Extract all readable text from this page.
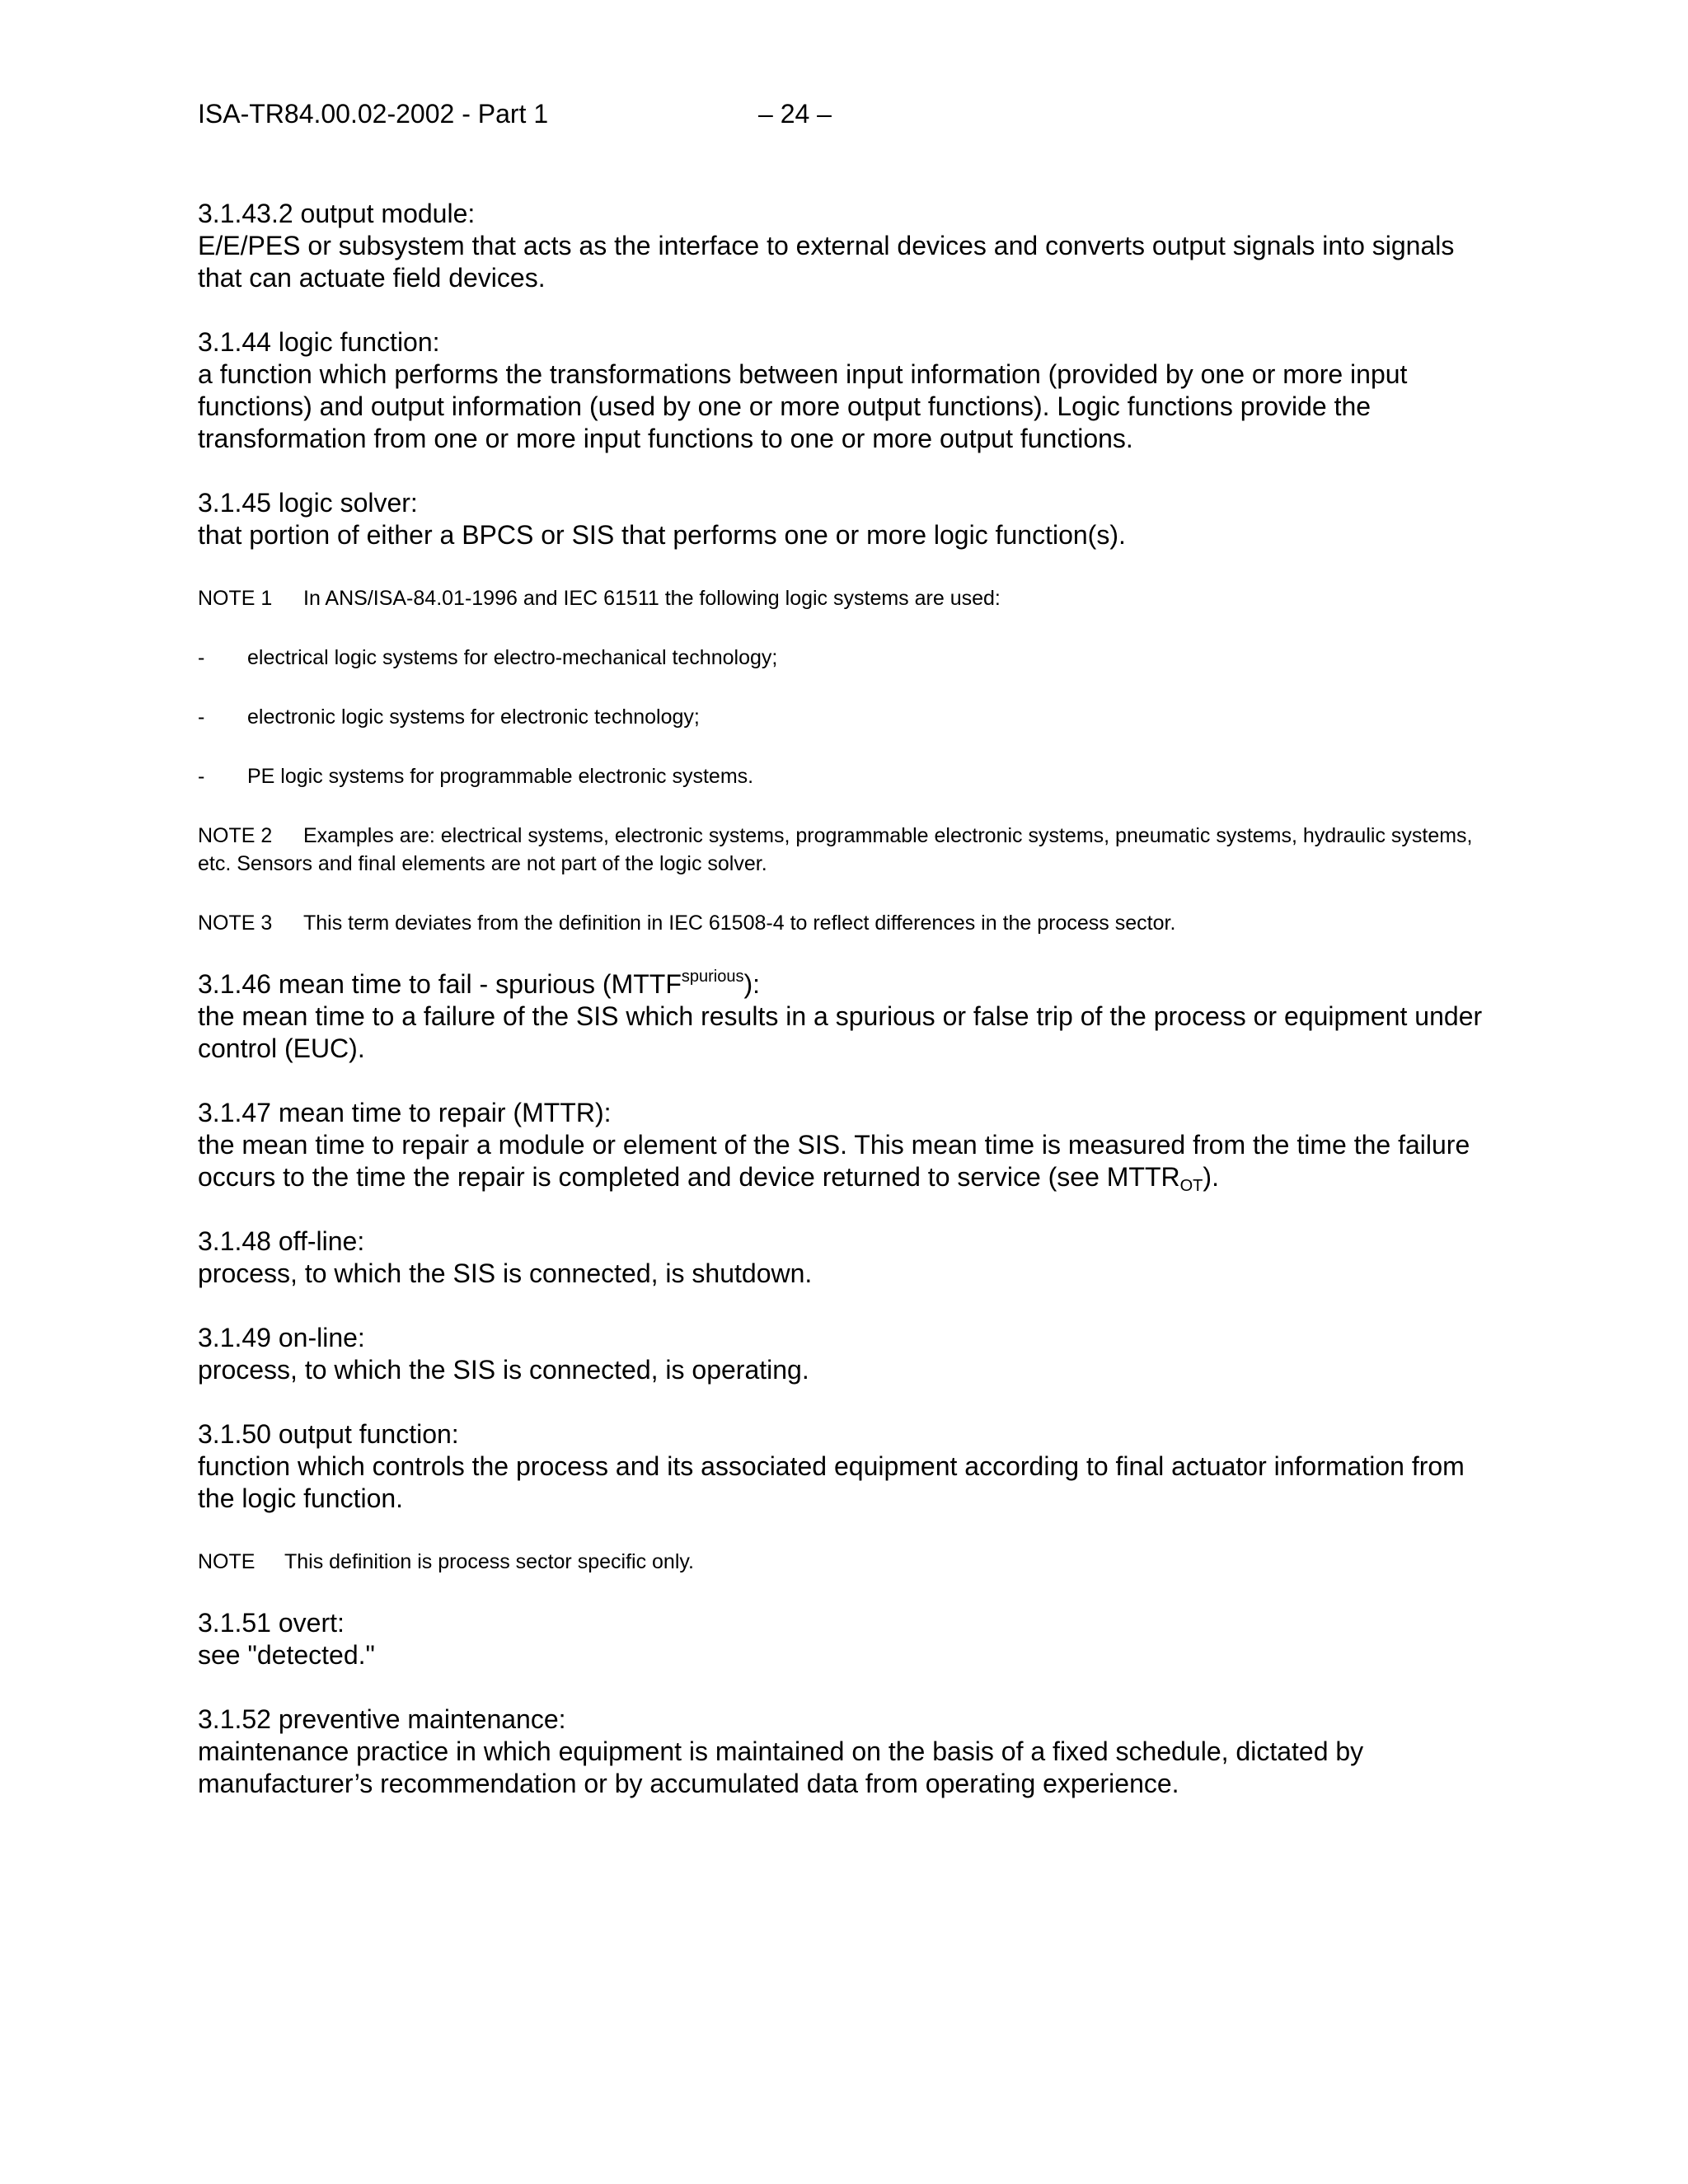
ISA-TR84.00.02-2002 - Part 1	– 24 –

3.1.43.2 output module:

E/E/PES or subsystem that acts as the interface to external devices and converts output signals into signals that can actuate field devices.

3.1.44 logic function:

a function which performs the transformations between input information (provided by one or more input functions) and output information (used by one or more output functions). Logic functions provide the transformation from one or more input functions to one or more output functions.

3.1.45 logic solver:

that portion of either a BPCS or SIS that performs one or more logic function(s).

NOTE 1 In ANS/ISA-84.01-1996 and IEC 61511 the following logic systems are used:

- electrical logic systems for electro-mechanical technology;

- electronic logic systems for electronic technology;

- PE logic systems for programmable electronic systems.

NOTE 2 Examples are: electrical systems, electronic systems, programmable electronic systems, pneumatic systems, hydraulic systems, etc. Sensors and final elements are not part of the logic solver.

NOTE 3 This term deviates from the definition in IEC 61508-4 to reflect differences in the process sector.

3.1.46 mean time to fail - spurious $(MTTF^{spurious})$:

the mean time to a failure of the SIS which results in a spurious or false trip of the process or equipment under control (EUC).

3.1.47 mean time to repair (MTTR):

the mean time to repair a module or element of the SIS. This mean time is measured from the time the failure occurs to the time the repair is completed and device returned to service (see $MTTR_{OT}$).

3.1.48 off-line:

process, to which the SIS is connected, is shutdown.

3.1.49 on-line:

process, to which the SIS is connected, is operating.

3.1.50 output function:

function which controls the process and its associated equipment according to final actuator information from the logic function.

NOTE This definition is process sector specific only.

3.1.51 overt:

see "detected."

3.1.52 preventive maintenance:

maintenance practice in which equipment is maintained on the basis of a fixed schedule, dictated by manufacturer’s recommendation or by accumulated data from operating experience.
